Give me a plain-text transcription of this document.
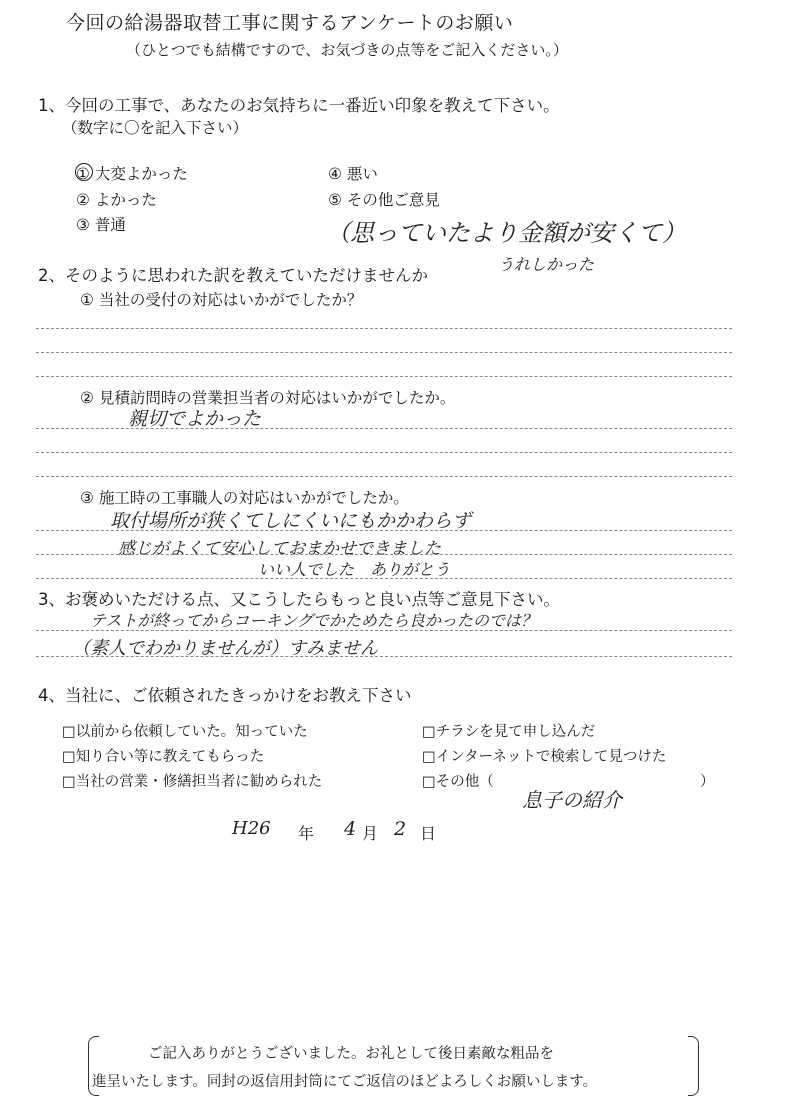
今回の給湯器取替工事に関するアンケートのお願い
（ひとつでも結構ですので、お気づきの点等をご記入ください。）
1、今回の工事で、あなたのお気持ちに一番近い印象を教えて下さい。
（数字に〇を記入下さい）
① 大変よかった
② よかった
③ 普通
④ 悪い
⑤ その他ご意見
（思っていたより金額が安くて）
うれしかった
2、そのように思われた訳を教えていただけませんか
① 当社の受付の対応はいかがでしたか？
② 見積訪問時の営業担当者の対応はいかがでしたか。
親切でよかった
③ 施工時の工事職人の対応はいかがでしたか。
取付場所が狭くてしにくいにもかかわらず
感じがよくて安心しておまかせできました
いい人でした　ありがとう
3、お褒めいただける点、又こうしたらもっと良い点等ご意見下さい。
テストが終ってからコーキングでかためたら良かったのでは？
（素人でわかりませんが）すみません
4、当社に、ご依頼されたきっかけをお教え下さい
□以前から依頼していた。知っていた
□知り合い等に教えてもらった
□当社の営業・修繕担当者に勧められた
□チラシを見て申し込んだ
□インターネットで検索して見つけた
□その他（	）
息子の紹介
H26 年 4 月 2 日
ご記入ありがとうございました。お礼として後日素敵な粗品を
進呈いたします。同封の返信用封筒にてご返信のほどよろしくお願いします。
